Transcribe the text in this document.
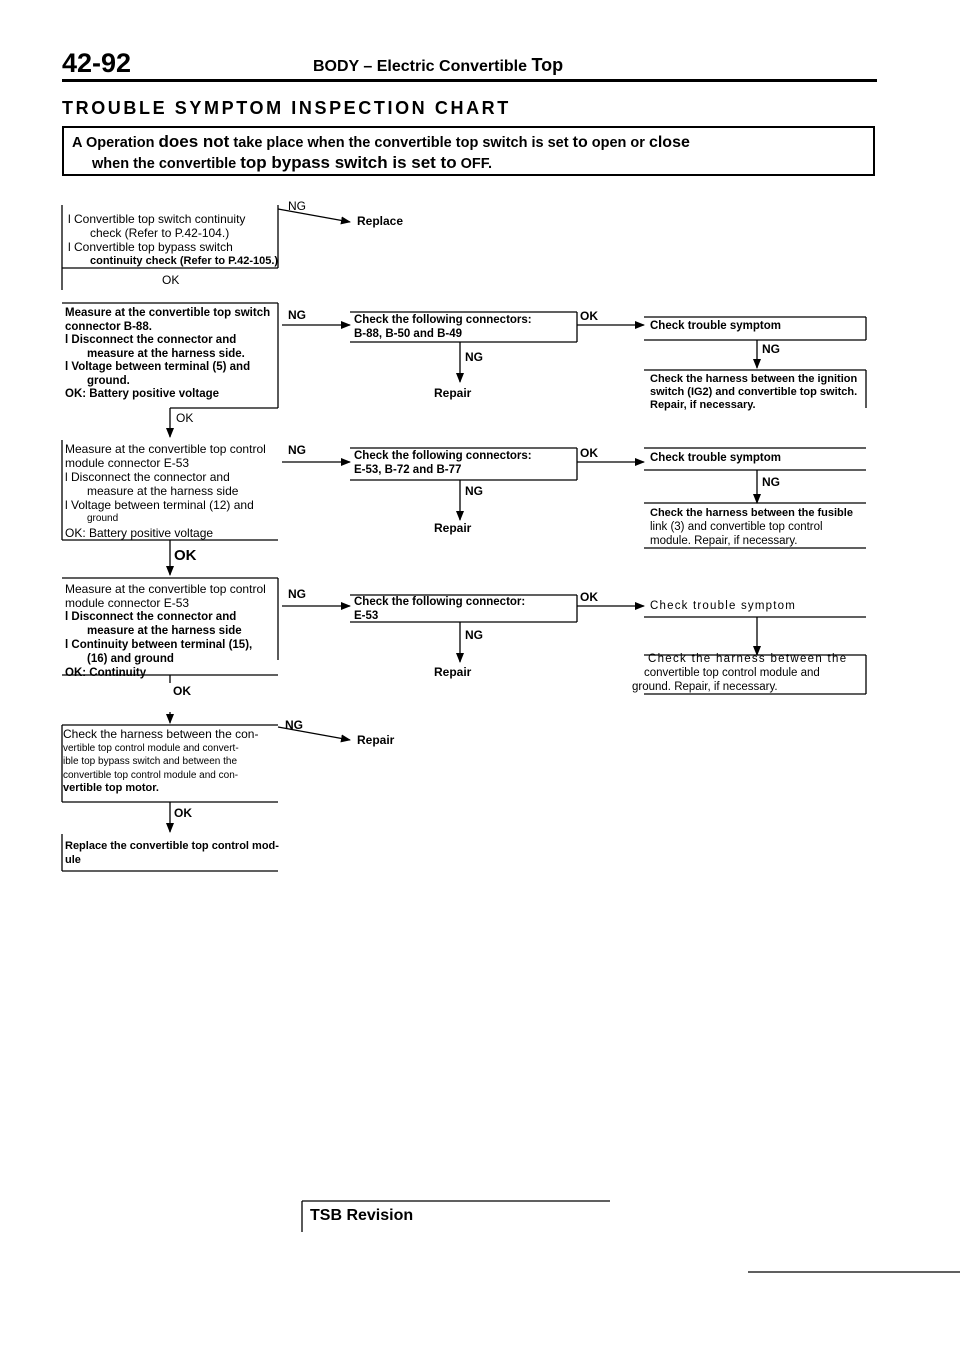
42-92	BODY – Electric Convertible Top
TROUBLE SYMPTOM INSPECTION CHART
A Operation does not take place when the convertible top switch is set to open or close
when the convertible top bypass switch is set to OFF.
l Convertible top switch continuity
check (Refer to P.42-104.)
l Convertible top bypass switch
continuity check (Refer to P.42-105.)
NG
Replace
OK
Measure at the convertible top switch
connector B-88.
l Disconnect the connector and
measure at the harness side.
l Voltage between terminal (5) and
ground.
OK: Battery positive voltage
NG
OK
Check the following connectors:
B-88, B-50 and B-49
OK
NG
Repair
Check trouble symptom
NG
Check the harness between the ignition
switch (IG2) and convertible top switch.
Repair, if necessary.
Measure at the convertible top control
module connector E-53
l Disconnect the connector and
measure at the harness side
l Voltage between terminal (12) and
ground
OK: Battery positive voltage
NG
OK
Check the following connectors:
E-53, B-72 and B-77
OK
NG
Repair
Check trouble symptom
NG
Check the harness between the fusible
link (3) and convertible top control
module. Repair, if necessary.
Measure at the convertible top control
module connector E-53
l Disconnect the connector and
measure at the harness side
l Continuity between terminal (15),
(16) and ground
OK: Continuity
NG
OK
Check the following connector:
E-53
OK
NG
Repair
Check trouble symptom
Check the harness between the
convertible top control module and
ground. Repair, if necessary.
Check the harness between the con-
vertible top control module and convert-
ible top bypass switch and between the
convertible top control module and con-
vertible top motor.
NG
Repair
OK
Replace the convertible top control mod-
ule
TSB Revision
